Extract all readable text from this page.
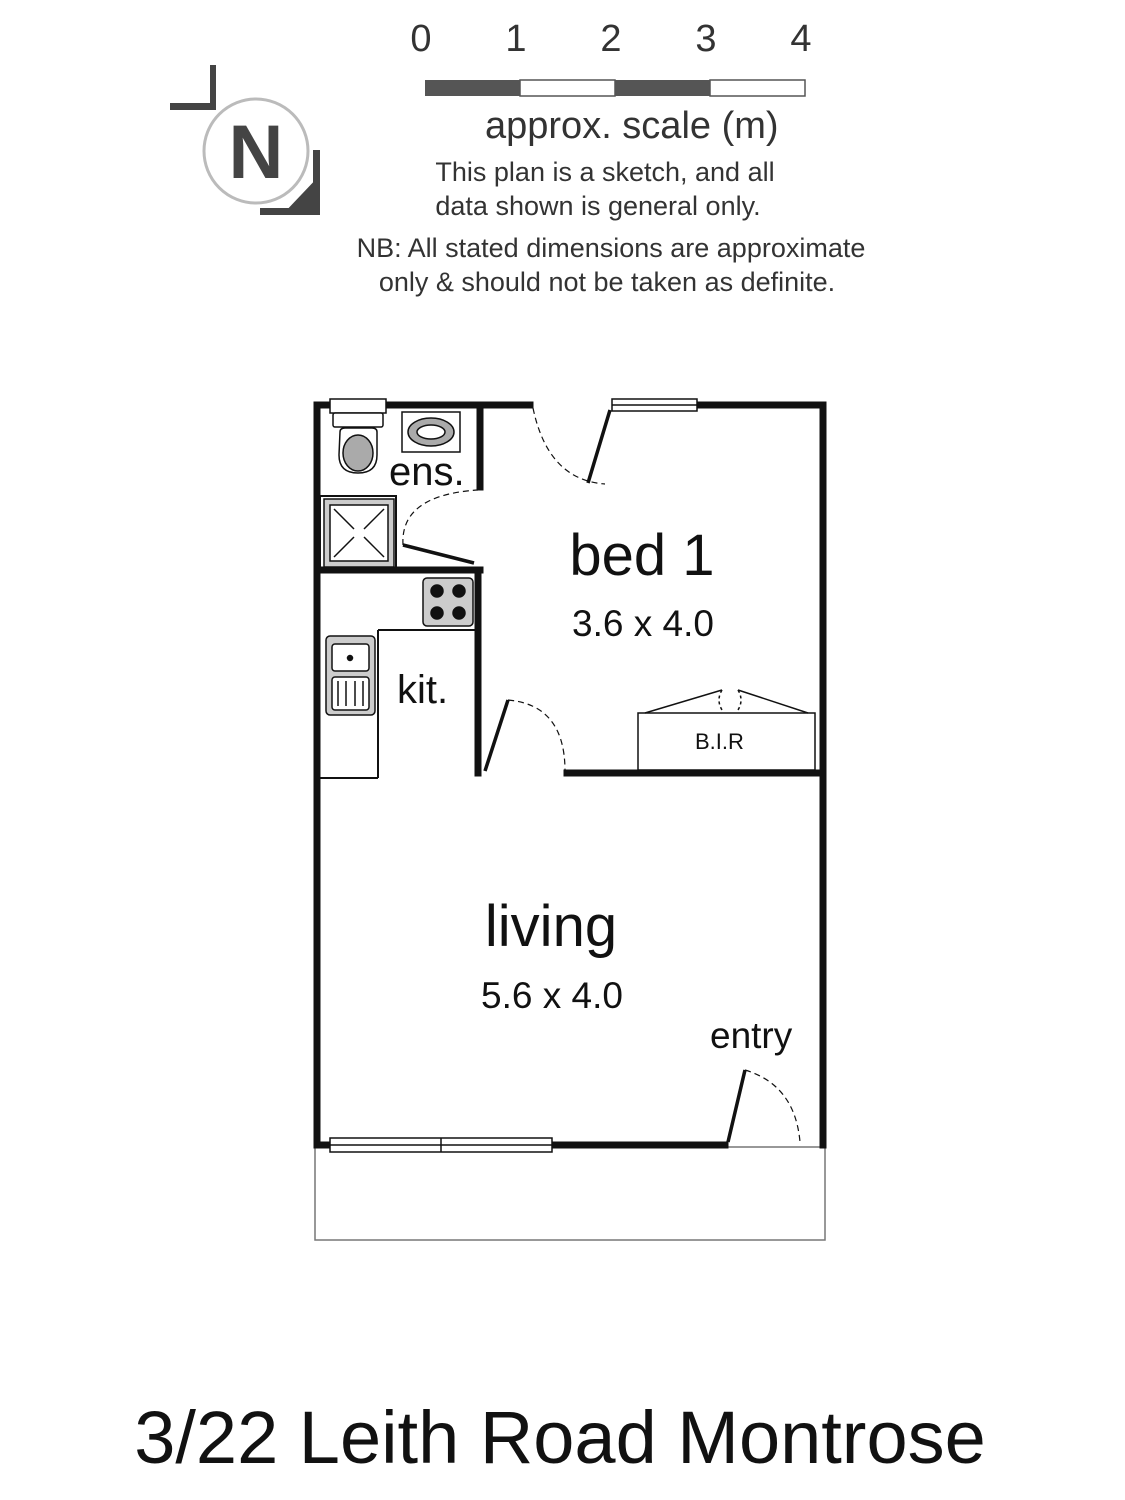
0 1 2 3 4
N	approx. scale (m)
This plan is a sketch, and all
data shown is general only.
NB: All stated dimensions are approximate
only & should not be taken as definite.
ens.
kit.
bed 1
3.6 x 4.0
B.I.R
living
5.6 x 4.0
entry
3/22 Leith Road Montrose
